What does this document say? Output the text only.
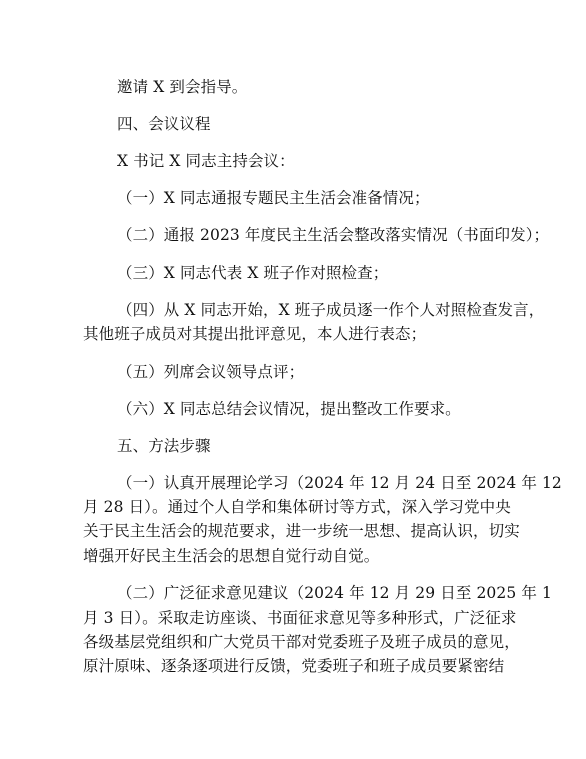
邀请 X 到会指导。

四、会议议程

X 书记 X 同志主持会议：

（一）X 同志通报专题民主生活会准备情况；

（二）通报 2023 年度民主生活会整改落实情况（书面印发）；

（三）X 同志代表 X 班子作对照检查；

（四）从 X 同志开始，X 班子成员逐一作个人对照检查发言，

其他班子成员对其提出批评意见，本人进行表态；

（五）列席会议领导点评；

（六）X 同志总结会议情况，提出整改工作要求。

五、方法步骤

（一）认真开展理论学习（2024 年 12 月 24 日至 2024 年 12

月 28 日）。通过个人自学和集体研讨等方式，深入学习党中央

关于民主生活会的规范要求，进一步统一思想、提高认识，切实

增强开好民主生活会的思想自觉行动自觉。

（二）广泛征求意见建议（2024 年 12 月 29 日至 2025 年 1

月 3 日）。采取走访座谈、书面征求意见等多种形式，广泛征求

各级基层党组织和广大党员干部对党委班子及班子成员的意见，

原汁原味、逐条逐项进行反馈，党委班子和班子成员要紧密结
